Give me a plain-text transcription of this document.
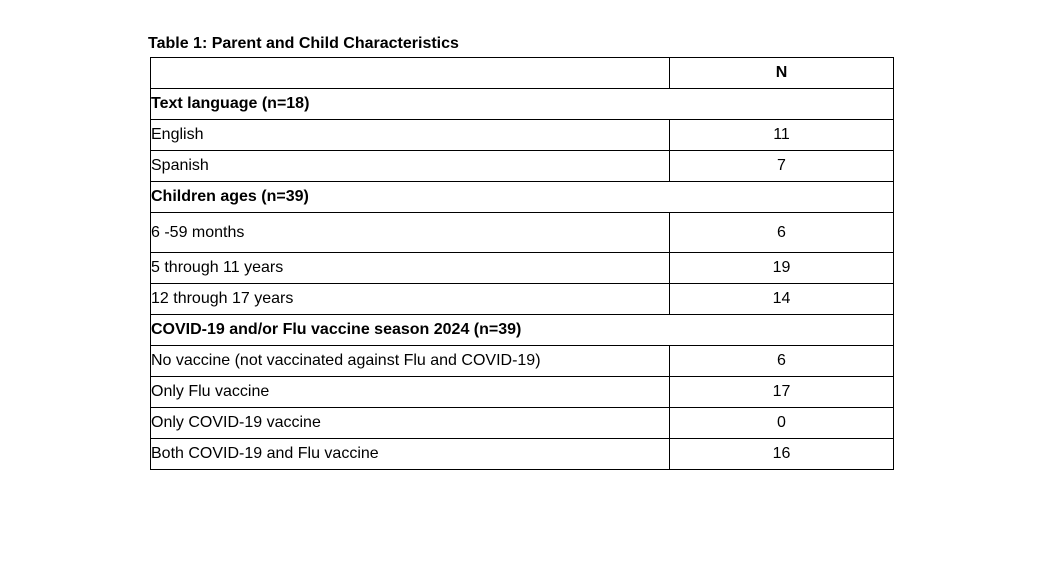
Table 1: Parent and Child Characteristics
	N
Text language (n=18)	
English	11
Spanish	7
Children ages (n=39)	
6 -59 months	6
5 through 11 years	19
12 through 17 years	14
COVID-19 and/or Flu vaccine season 2024 (n=39)	
No vaccine (not vaccinated against Flu and COVID-19)	6
Only Flu vaccine	17
Only COVID-19 vaccine	0
Both COVID-19 and Flu vaccine	16
